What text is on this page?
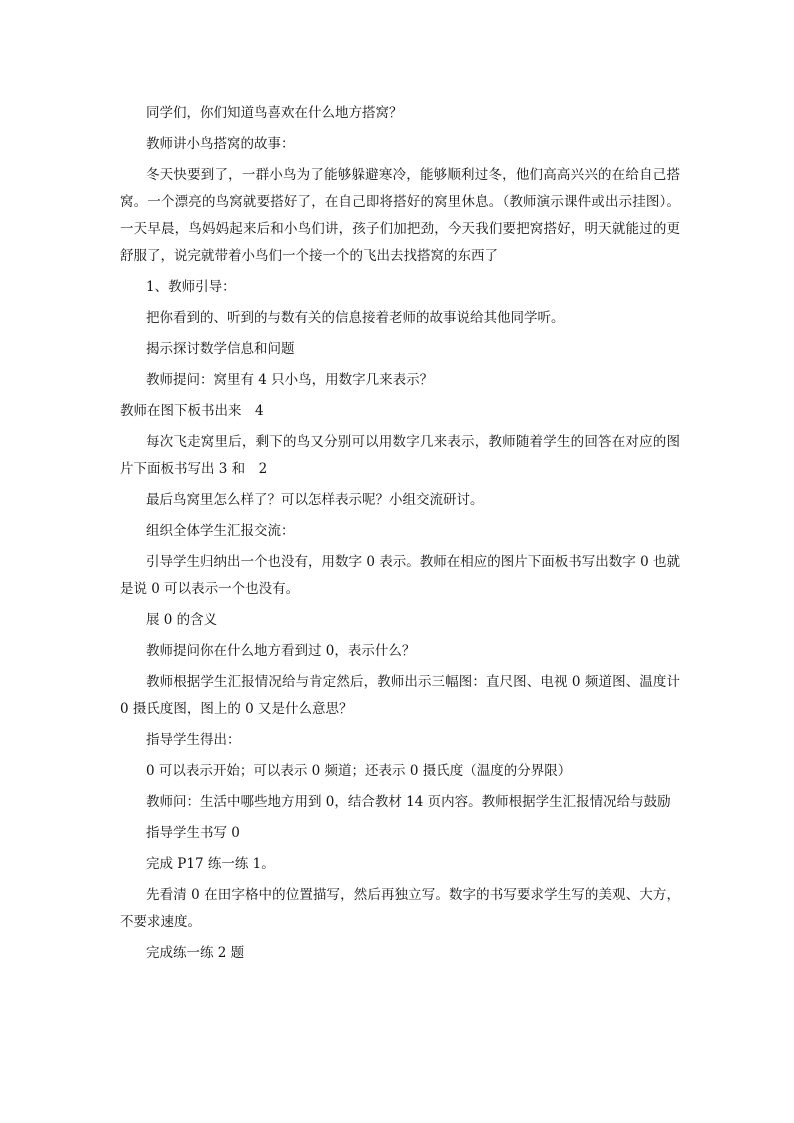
同学们，你们知道鸟喜欢在什么地方搭窝？

教师讲小鸟搭窝的故事：

冬天快要到了，一群小鸟为了能够躲避寒冷，能够顺利过冬，他们高高兴兴的在给自己搭窝。一个漂亮的鸟窝就要搭好了，在自己即将搭好的窝里休息。（教师演示课件或出示挂图）。一天早晨，鸟妈妈起来后和小鸟们讲，孩子们加把劲，今天我们要把窝搭好，明天就能过的更舒服了，说完就带着小鸟们一个接一个的飞出去找搭窝的东西了

1、教师引导：

把你看到的、听到的与数有关的信息接着老师的故事说给其他同学听。

揭示探讨数学信息和问题

教师提问：窝里有 4 只小鸟，用数字几来表示？

教师在图下板书出来　4

每次飞走窝里后，剩下的鸟又分别可以用数字几来表示，教师随着学生的回答在对应的图片下面板书写出 3 和　2

最后鸟窝里怎么样了？可以怎样表示呢？小组交流研讨。

组织全体学生汇报交流：

引导学生归纳出一个也没有，用数字 0 表示。教师在相应的图片下面板书写出数字 0 也就是说 0 可以表示一个也没有。

展 0 的含义

教师提问你在什么地方看到过 0，表示什么？

教师根据学生汇报情况给与肯定然后，教师出示三幅图：直尺图、电视 0 频道图、温度计 0 摄氏度图，图上的 0 又是什么意思？

指导学生得出：

0 可以表示开始；可以表示 0 频道；还表示 0 摄氏度（温度的分界限）

教师问：生活中哪些地方用到 0，结合教材 14 页内容。教师根据学生汇报情况给与鼓励

指导学生书写 0

完成 P17 练一练 1。

先看清 0 在田字格中的位置描写，然后再独立写。数字的书写要求学生写的美观、大方，不要求速度。

完成练一练 2 题
